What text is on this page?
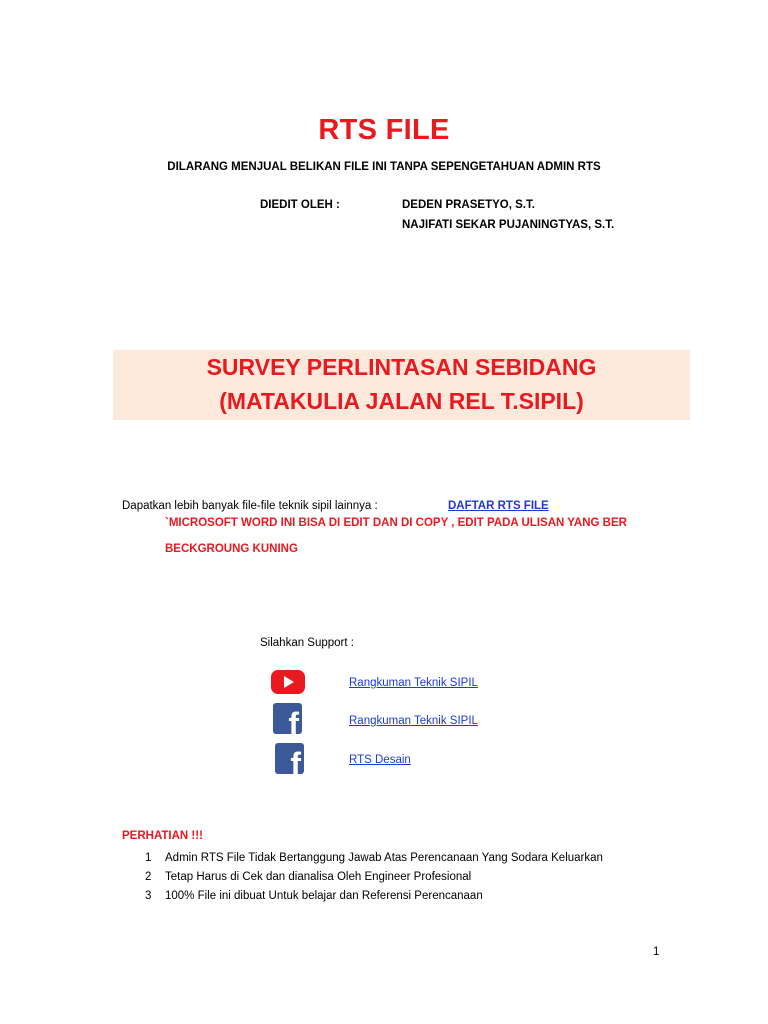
RTS FILE
DILARANG MENJUAL BELIKAN FILE INI TANPA SEPENGETAHUAN ADMIN RTS
DIEDIT OLEH :	DEDEN PRASETYO, S.T.
NAJIFATI SEKAR PUJANINGTYAS, S.T.
SURVEY PERLINTASAN SEBIDANG
(MATAKULIA JALAN REL T.SIPIL)
Dapatkan lebih banyak file-file teknik sipil lainnya :	DAFTAR RTS FILE
`MICROSOFT WORD INI BISA DI EDIT DAN DI COPY , EDIT PADA ULISAN YANG BER
BECKGROUNG KUNING
Silahkan Support :
f
f
Rangkuman Teknik SIPIL
Rangkuman Teknik SIPIL
RTS Desain
PERHATIAN !!!
1 Admin RTS File Tidak Bertanggung Jawab Atas Perencanaan Yang Sodara Keluarkan
2 Tetap Harus di Cek dan dianalisa Oleh Engineer Profesional
3 100% File ini dibuat Untuk belajar dan Referensi Perencanaan
1
